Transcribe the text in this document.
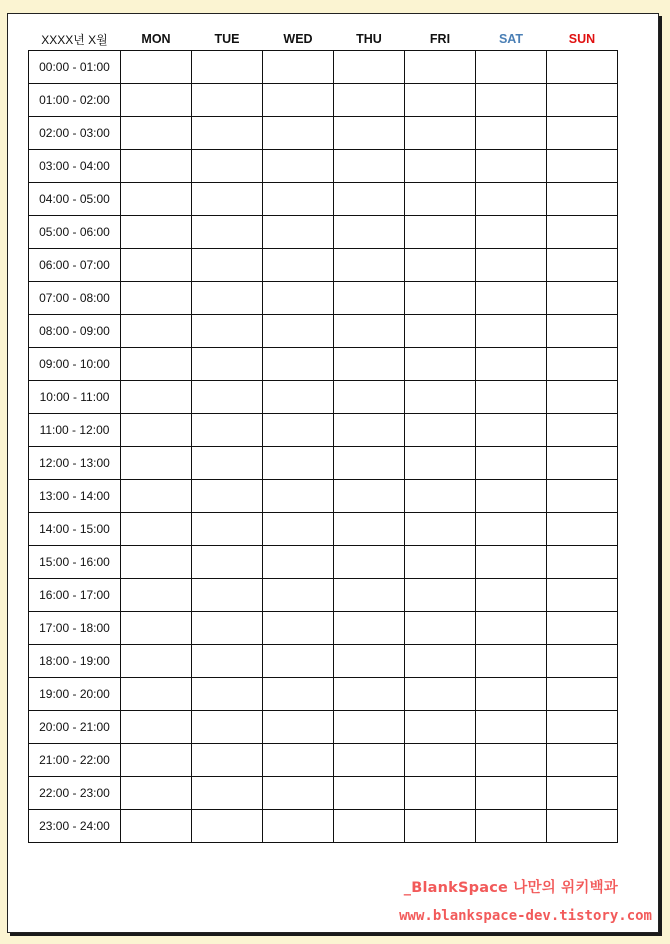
XXXX년 X월	MON	TUE	WED	THU	FRI	SAT	SUN
00:00 - 01:00							
01:00 - 02:00							
02:00 - 03:00							
03:00 - 04:00							
04:00 - 05:00							
05:00 - 06:00							
06:00 - 07:00							
07:00 - 08:00							
08:00 - 09:00							
09:00 - 10:00							
10:00 - 11:00							
11:00 - 12:00							
12:00 - 13:00							
13:00 - 14:00							
14:00 - 15:00							
15:00 - 16:00							
16:00 - 17:00							
17:00 - 18:00							
18:00 - 19:00							
19:00 - 20:00							
20:00 - 21:00							
21:00 - 22:00							
22:00 - 23:00							
23:00 - 24:00							
_BlankSpace 나만의 위키백과
www.blankspace-dev.tistory.com
